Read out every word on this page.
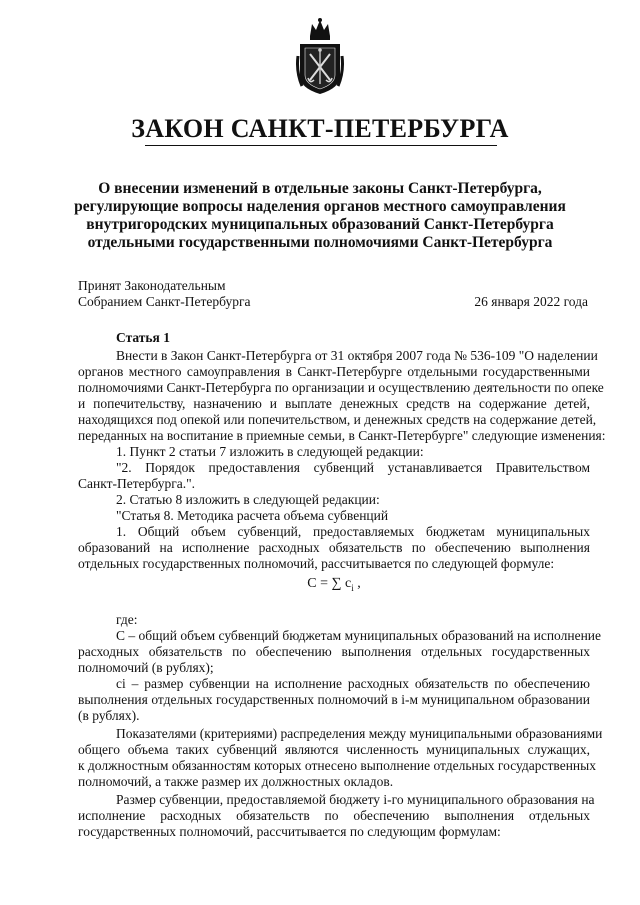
ЗАКОН САНКТ-ПЕТЕРБУРГА
О внесении изменений в отдельные законы Санкт-Петербурга,
регулирующие вопросы наделения органов местного самоуправления
внутригородских муниципальных образований Санкт-Петербурга
отдельными государственными полномочиями Санкт-Петербурга
Принят Законодательным
Собранием Санкт-Петербурга	26 января 2022 года
Статья 1
Внести в Закон Санкт-Петербурга от 31 октября 2007 года № 536-109 "О наделении
органов местного самоуправления в Санкт-Петербурге отдельными государственными
полномочиями Санкт-Петербурга по организации и осуществлению деятельности по опеке
и попечительству, назначению и выплате денежных средств на содержание детей,
находящихся под опекой или попечительством, и денежных средств на содержание детей,
переданных на воспитание в приемные семьи, в Санкт-Петербурге" следующие изменения:
1. Пункт 2 статьи 7 изложить в следующей редакции:
"2. Порядок предоставления субвенций устанавливается Правительством
Санкт-Петербурга.".
2. Статью 8 изложить в следующей редакции:
"Статья 8. Методика расчета объема субвенций
1. Общий объем субвенций, предоставляемых бюджетам муниципальных
образований на исполнение расходных обязательств по обеспечению выполнения
отдельных государственных полномочий, рассчитывается по следующей формуле:
С = ∑ $с_i$ ,
где:
С – общий объем субвенций бюджетам муниципальных образований на исполнение
расходных обязательств по обеспечению выполнения отдельных государственных
полномочий (в рублях);
сi – размер субвенции на исполнение расходных обязательств по обеспечению
выполнения отдельных государственных полномочий в i-м муниципальном образовании
(в рублях).
Показателями (критериями) распределения между муниципальными образованиями
общего объема таких субвенций являются численность муниципальных служащих,
к должностным обязанностям которых отнесено выполнение отдельных государственных
полномочий, а также размер их должностных окладов.
Размер субвенции, предоставляемой бюджету i-го муниципального образования на
исполнение расходных обязательств по обеспечению выполнения отдельных
государственных полномочий, рассчитывается по следующим формулам:
